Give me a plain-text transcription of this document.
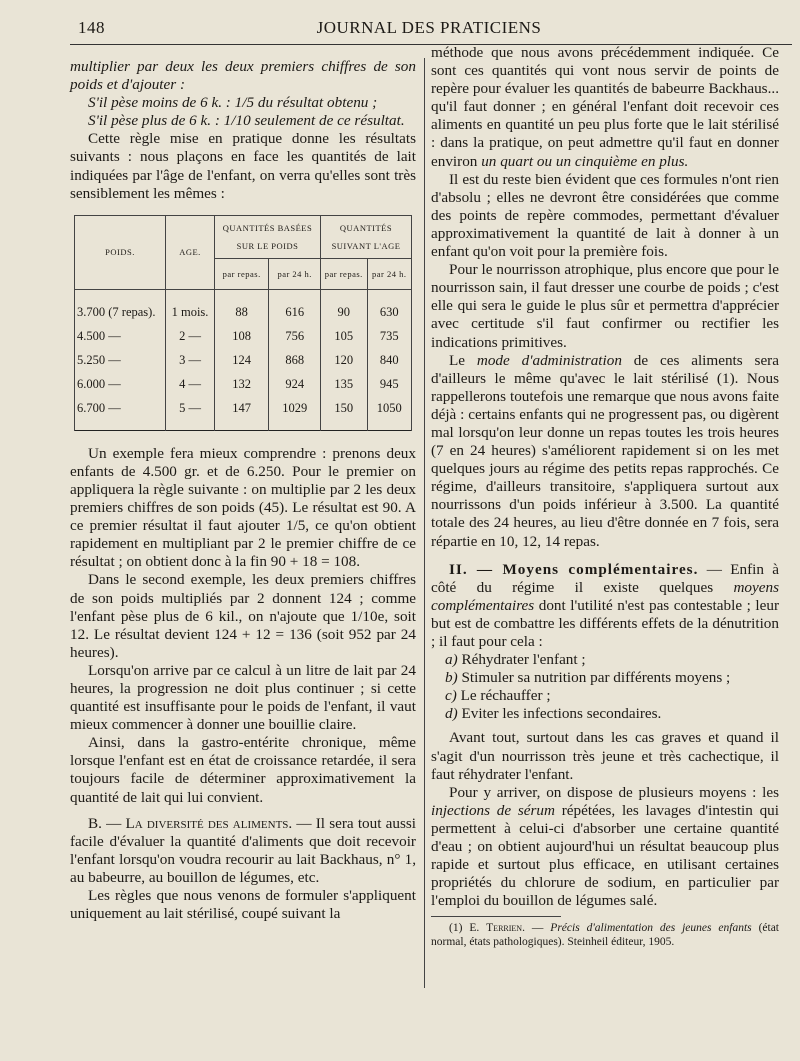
148	JOURNAL DES PRATICIENS

multiplier par deux les deux premiers chiffres de son poids et d'ajouter :

S'il pèse moins de 6 k. : 1/5 du résultat obtenu ;

S'il pèse plus de 6 k. : 1/10 seulement de ce résultat.

Cette règle mise en pratique donne les résultats suivants : nous plaçons en face les quantités de lait indiquées par l'âge de l'enfant, on verra qu'elles sont très sensiblement les mêmes :

POIDS.	AGE.	QUANTITÉS BASÉES SUR LE POIDS		QUANTITÉS SUIVANT L'AGE	
		par repas.	par 24 h.	par repas.	par 24 h.

3.700 (7 repas).	1 mois.	88	616	90	630
4.500 —	2 —	108	756	105	735
5.250 —	3 —	124	868	120	840
6.000 —	4 —	132	924	135	945
6.700 —	5 —	147	1029	150	1050

Un exemple fera mieux comprendre : prenons deux enfants de 4.500 gr. et de 6.250. Pour le premier on appliquera la règle suivante : on multiplie par 2 les deux premiers chiffres de son poids (45). Le résultat est 90. A ce premier résultat il faut ajouter 1/5, ce qu'on obtient rapidement en multipliant par 2 le premier chiffre de ce résultat ; on obtient donc à la fin 90 + 18 = 108.

Dans le second exemple, les deux premiers chiffres de son poids multipliés par 2 donnent 124 ; comme l'enfant pèse plus de 6 kil., on n'ajoute que 1/10e, soit 12. Le résultat devient 124 + 12 = 136 (soit 952 par 24 heures).

Lorsqu'on arrive par ce calcul à un litre de lait par 24 heures, la progression ne doit plus continuer ; si cette quantité est insuffisante pour le poids de l'enfant, il vaut mieux commencer à donner une bouillie claire.

Ainsi, dans la gastro-entérite chronique, même lorsque l'enfant est en état de croissance retardée, il sera toujours facile de déterminer approximativement la quantité de lait qui lui convient.

B. — La diversité des aliments. — Il sera tout aussi facile d'évaluer la quantité d'aliments que doit recevoir l'enfant lorsqu'on voudra recourir au lait Backhaus, n° 1, au babeurre, au bouillon de légumes, etc.

Les règles que nous venons de formuler s'appliquent uniquement au lait stérilisé, coupé suivant la

méthode que nous avons précédemment indiquée. Ce sont ces quantités qui vont nous servir de points de repère pour évaluer les quantités de babeurre Backhaus... qu'il faut donner ; en général l'enfant doit recevoir ces aliments en quantité un peu plus forte que le lait stérilisé : dans la pratique, on peut admettre qu'il faut en donner environ un quart ou un cinquième en plus.

Il est du reste bien évident que ces formules n'ont rien d'absolu ; elles ne devront être considérées que comme des points de repère commodes, permettant d'évaluer approximativement la quantité de lait à donner à un enfant qu'on voit pour la première fois.

Pour le nourrisson atrophique, plus encore que pour le nourrisson sain, il faut dresser une courbe de poids ; c'est elle qui sera le guide le plus sûr et permettra d'apprécier avec certitude s'il faut confirmer ou rectifier les indications primitives.

Le mode d'administration de ces aliments sera d'ailleurs le même qu'avec le lait stérilisé (1). Nous rappellerons toutefois une remarque que nous avons faite déjà : certains enfants qui ne progressent pas, ou digèrent mal lorsqu'on leur donne un repas toutes les trois heures (7 en 24 heures) s'améliorent rapidement si on les met quelques jours au régime des petits repas rapprochés. Ce régime, d'ailleurs transitoire, s'appliquera surtout aux nourrissons d'un poids inférieur à 3.500. La quantité totale des 24 heures, au lieu d'être donnée en 7 fois, sera répartie en 10, 12, 14 repas.

II. — Moyens complémentaires. — Enfin à côté du régime il existe quelques moyens complémentaires dont l'utilité n'est pas contestable ; leur but est de combattre les différents effets de la dénutrition ; il faut pour cela :

a) Réhydrater l'enfant ;

b) Stimuler sa nutrition par différents moyens ;

c) Le réchauffer ;

d) Eviter les infections secondaires.

Avant tout, surtout dans les cas graves et quand il s'agit d'un nourrisson très jeune et très cachectique, il faut réhydrater l'enfant.

Pour y arriver, on dispose de plusieurs moyens : les injections de sérum répétées, les lavages d'intestin qui permettent à celui-ci d'absorber une certaine quantité d'eau ; on obtient aujourd'hui un résultat beaucoup plus rapide et surtout plus efficace, en utilisant certaines propriétés du chlorure de sodium, en particulier par l'emploi du bouillon de légumes salé.

(1) E. Terrien. — Précis d'alimentation des jeunes enfants (état normal, états pathologiques). Steinheil éditeur, 1905.
